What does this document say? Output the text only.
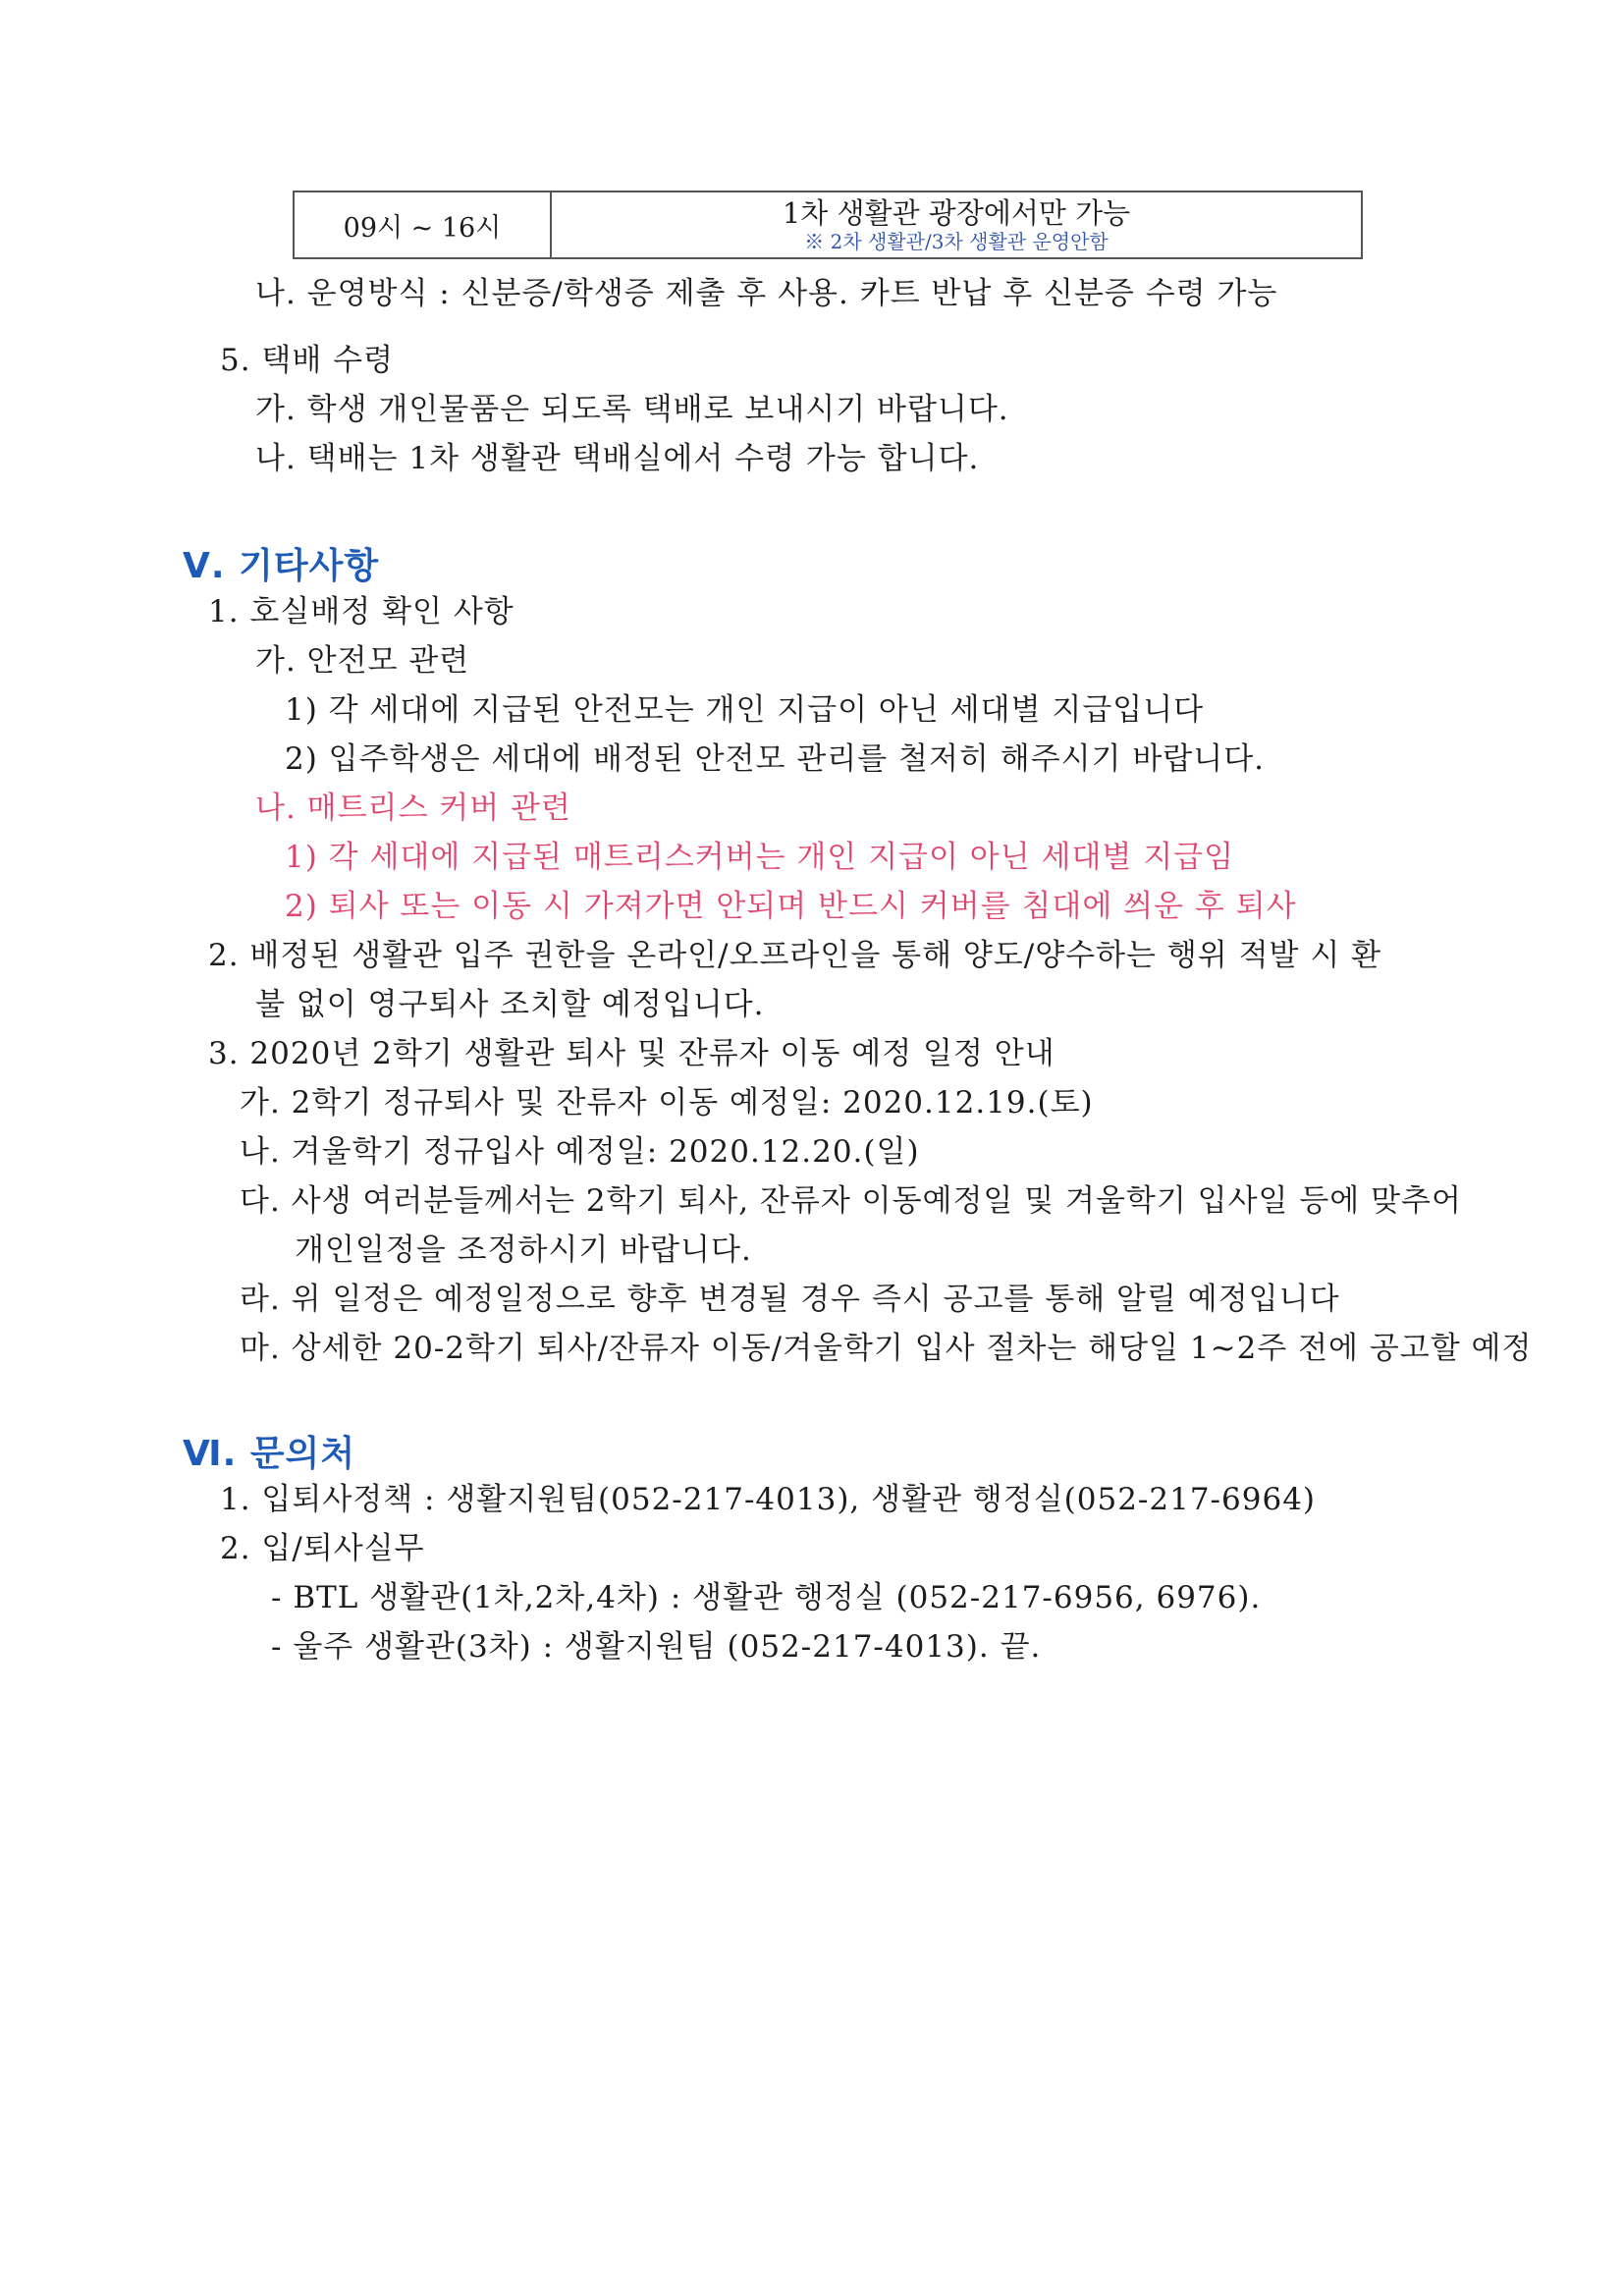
09시 ~ 16시	1차 생활관 광장에서만 가능
※ 2차 생활관/3차 생활관 운영안함
나. 운영방식 : 신분증/학생증 제출 후 사용. 카트 반납 후 신분증 수령 가능
5. 택배 수령
가. 학생 개인물품은 되도록 택배로 보내시기 바랍니다.
나. 택배는 1차 생활관 택배실에서 수령 가능 합니다.
Ⅴ. 기타사항
1. 호실배정 확인 사항
가. 안전모 관련
1) 각 세대에 지급된 안전모는 개인 지급이 아닌 세대별 지급입니다
2) 입주학생은 세대에 배정된 안전모 관리를 철저히 해주시기 바랍니다.
나. 매트리스 커버 관련
1) 각 세대에 지급된 매트리스커버는 개인 지급이 아닌 세대별 지급임
2) 퇴사 또는 이동 시 가져가면 안되며 반드시 커버를 침대에 씌운 후 퇴사
2. 배정된 생활관 입주 권한을 온라인/오프라인을 통해 양도/양수하는 행위 적발 시 환
불 없이 영구퇴사 조치할 예정입니다.
3. 2020년 2학기 생활관 퇴사 및 잔류자 이동 예정 일정 안내
가. 2학기 정규퇴사 및 잔류자 이동 예정일: 2020.12.19.(토)
나. 겨울학기 정규입사 예정일: 2020.12.20.(일)
다. 사생 여러분들께서는 2학기 퇴사, 잔류자 이동예정일 및 겨울학기 입사일 등에 맞추어
개인일정을 조정하시기 바랍니다.
라. 위 일정은 예정일정으로 향후 변경될 경우 즉시 공고를 통해 알릴 예정입니다
마. 상세한 20-2학기 퇴사/잔류자 이동/겨울학기 입사 절차는 해당일 1~2주 전에 공고할 예정
Ⅵ. 문의처
1. 입퇴사정책 : 생활지원팀(052-217-4013), 생활관 행정실(052-217-6964)
2. 입/퇴사실무
- BTL 생활관(1차,2차,4차) : 생활관 행정실 (052-217-6956, 6976).
- 울주 생활관(3차) : 생활지원팀 (052-217-4013). 끝.
